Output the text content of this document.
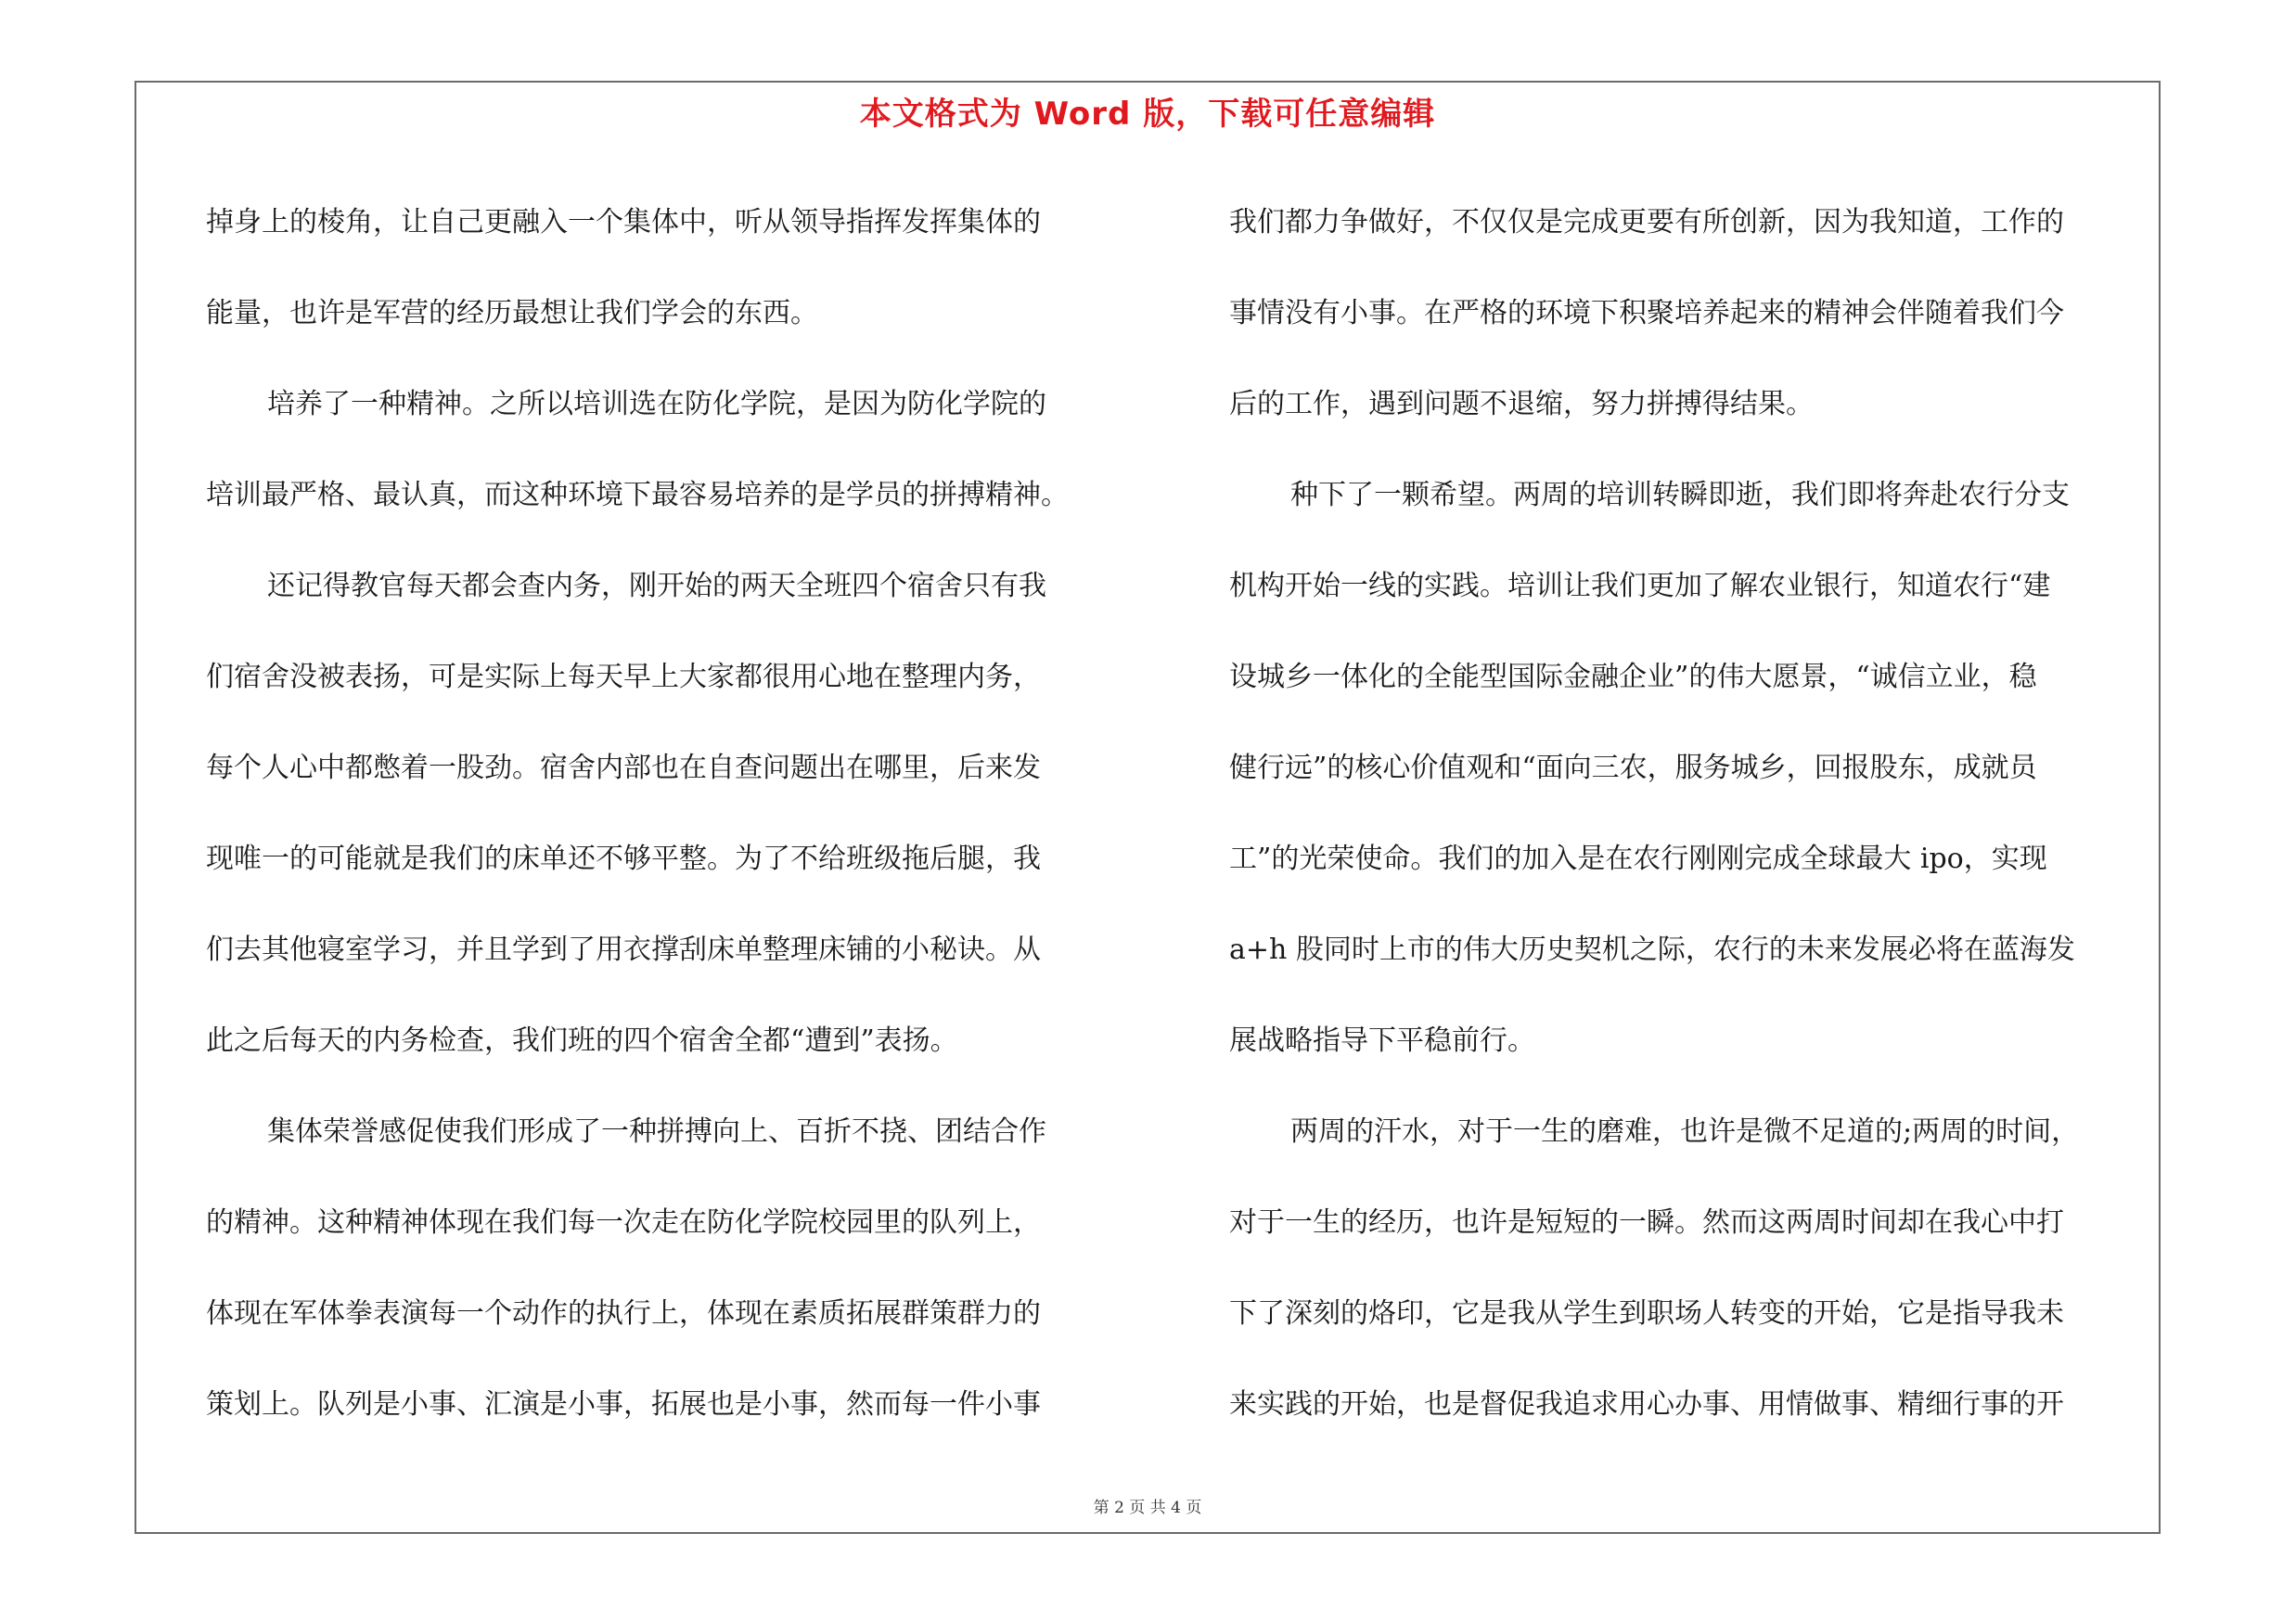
本文格式为 Word 版，下载可任意编辑
掉身上的棱角，让自己更融入一个集体中，听从领导指挥发挥集体的
能量，也许是军营的经历最想让我们学会的东西。
培养了一种精神。之所以培训选在防化学院，是因为防化学院的
培训最严格、最认真，而这种环境下最容易培养的是学员的拼搏精神。
还记得教官每天都会查内务，刚开始的两天全班四个宿舍只有我
们宿舍没被表扬，可是实际上每天早上大家都很用心地在整理内务，
每个人心中都憋着一股劲。宿舍内部也在自查问题出在哪里，后来发
现唯一的可能就是我们的床单还不够平整。为了不给班级拖后腿，我
们去其他寝室学习，并且学到了用衣撑刮床单整理床铺的小秘诀。从
此之后每天的内务检查，我们班的四个宿舍全都“遭到”表扬。
集体荣誉感促使我们形成了一种拼搏向上、百折不挠、团结合作
的精神。这种精神体现在我们每一次走在防化学院校园里的队列上，
体现在军体拳表演每一个动作的执行上，体现在素质拓展群策群力的
策划上。队列是小事、汇演是小事，拓展也是小事，然而每一件小事
我们都力争做好，不仅仅是完成更要有所创新，因为我知道，工作的
事情没有小事。在严格的环境下积聚培养起来的精神会伴随着我们今
后的工作，遇到问题不退缩，努力拼搏得结果。
种下了一颗希望。两周的培训转瞬即逝，我们即将奔赴农行分支
机构开始一线的实践。培训让我们更加了解农业银行，知道农行“建
设城乡一体化的全能型国际金融企业”的伟大愿景，“诚信立业，稳
健行远”的核心价值观和“面向三农，服务城乡，回报股东，成就员
工”的光荣使命。我们的加入是在农行刚刚完成全球最大 ipo，实现
a+h 股同时上市的伟大历史契机之际，农行的未来发展必将在蓝海发
展战略指导下平稳前行。
两周的汗水，对于一生的磨难，也许是微不足道的;两周的时间，
对于一生的经历，也许是短短的一瞬。然而这两周时间却在我心中打
下了深刻的烙印，它是我从学生到职场人转变的开始，它是指导我未
来实践的开始，也是督促我追求用心办事、用情做事、精细行事的开
第 2 页 共 4 页
